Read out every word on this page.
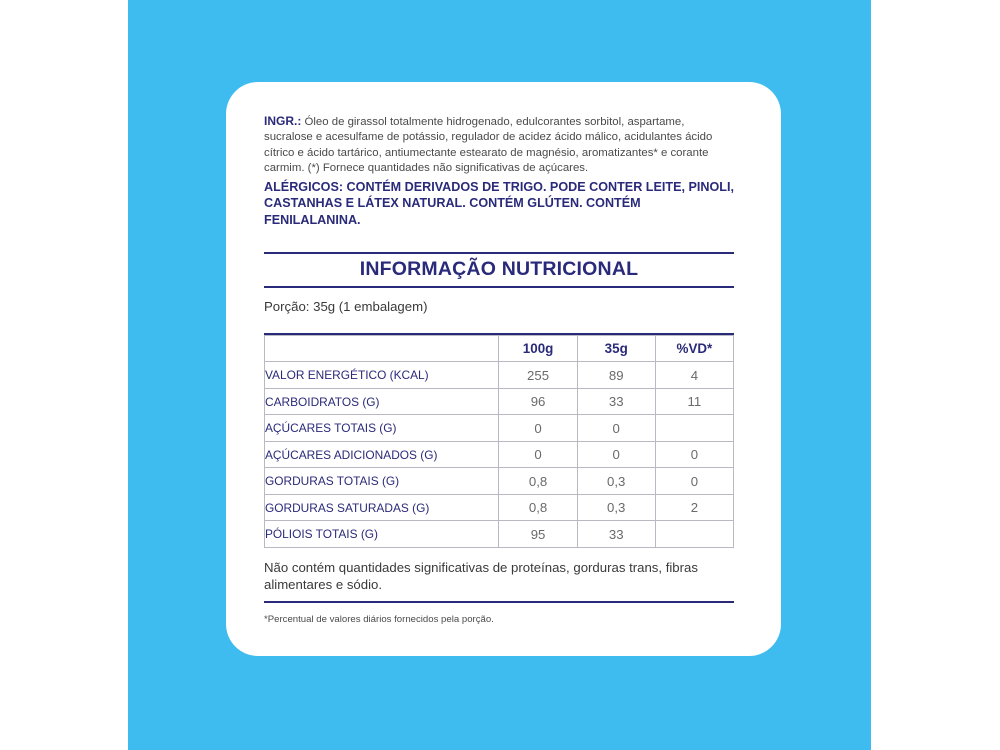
INGR.: Óleo de girassol totalmente hidrogenado, edulcorantes sorbitol, aspartame, sucralose e acesulfame de potássio, regulador de acidez ácido málico, acidulantes ácido cítrico e ácido tartárico, antiumectante estearato de magnésio, aromatizantes* e corante carmim. (*) Fornece quantidades não significativas de açúcares.
ALÉRGICOS: CONTÉM DERIVADOS DE TRIGO. PODE CONTER LEITE, PINOLI, CASTANHAS E LÁTEX NATURAL. CONTÉM GLÚTEN. CONTÉM FENILALANINA.
INFORMAÇÃO NUTRICIONAL
Porção: 35g (1 embalagem)
	100g	35g	%VD*
VALOR ENERGÉTICO (KCAL)	255	89	4
CARBOIDRATOS (G)	96	33	11
AÇÚCARES TOTAIS (G)	0	0	
AÇÚCARES ADICIONADOS (G)	0	0	0
GORDURAS TOTAIS (G)	0,8	0,3	0
GORDURAS SATURADAS (G)	0,8	0,3	2
PÓLIOIS TOTAIS (G)	95	33	
Não contém quantidades significativas de proteínas, gorduras trans, fibras alimentares e sódio.
*Percentual de valores diários fornecidos pela porção.
